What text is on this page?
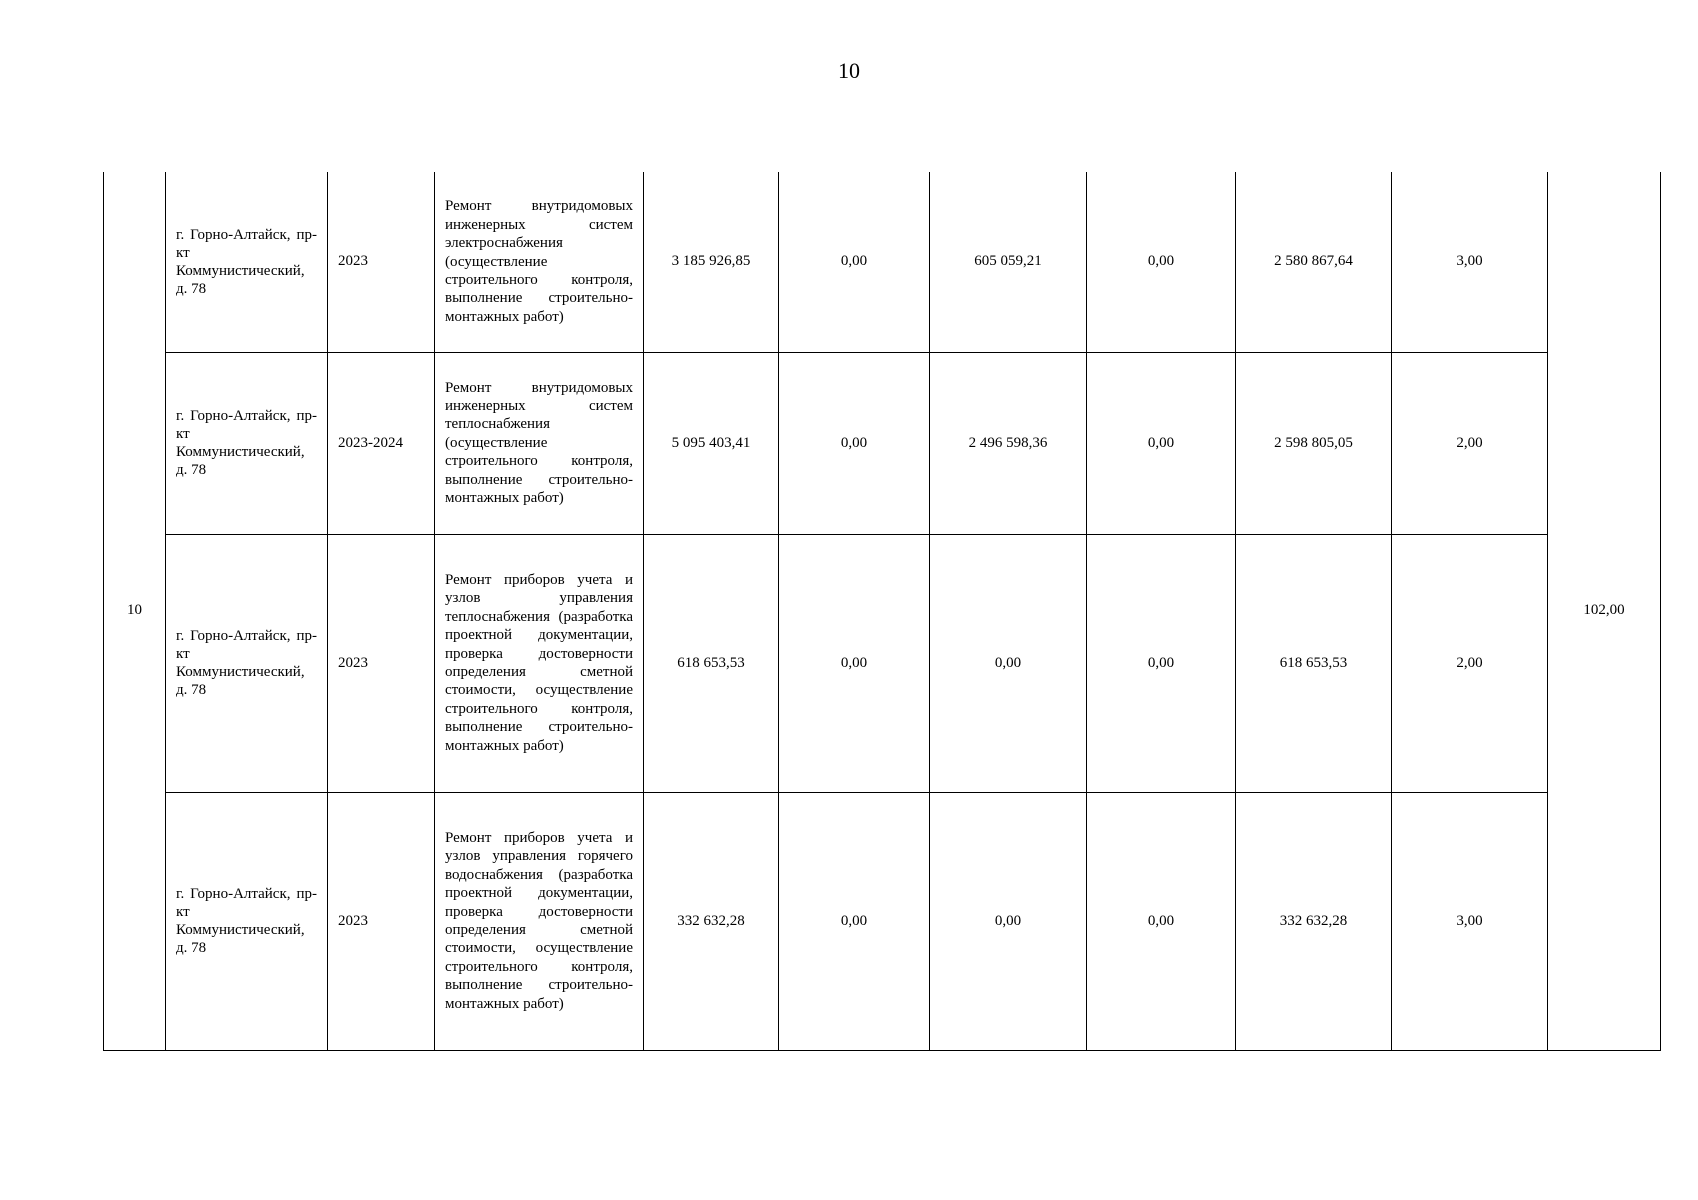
10
10	г. Горно-Алтайск, пр-кт Коммунистический, д. 78	2023	Ремонт внутридомовых инженерных систем электроснабжения (осуществление строительного контроля, выполнение строительно-монтажных работ)	3 185 926,85	0,00	605 059,21	0,00	2 580 867,64	3,00	102,00
	г. Горно-Алтайск, пр-кт Коммунистический, д. 78	2023-2024	Ремонт внутридомовых инженерных систем теплоснабжения (осуществление строительного контроля, выполнение строительно-монтажных работ)	5 095 403,41	0,00	2 496 598,36	0,00	2 598 805,05	2,00	
	г. Горно-Алтайск, пр-кт Коммунистический, д. 78	2023	Ремонт приборов учета и узлов управления теплоснабжения (разработка проектной документации, проверка достоверности определения сметной стоимости, осуществление строительного контроля, выполнение строительно-монтажных работ)	618 653,53	0,00	0,00	0,00	618 653,53	2,00	
	г. Горно-Алтайск, пр-кт Коммунистический, д. 78	2023	Ремонт приборов учета и узлов управления горячего водоснабжения (разработка проектной документации, проверка достоверности определения сметной стоимости, осуществление строительного контроля, выполнение строительно-монтажных работ)	332 632,28	0,00	0,00	0,00	332 632,28	3,00	
